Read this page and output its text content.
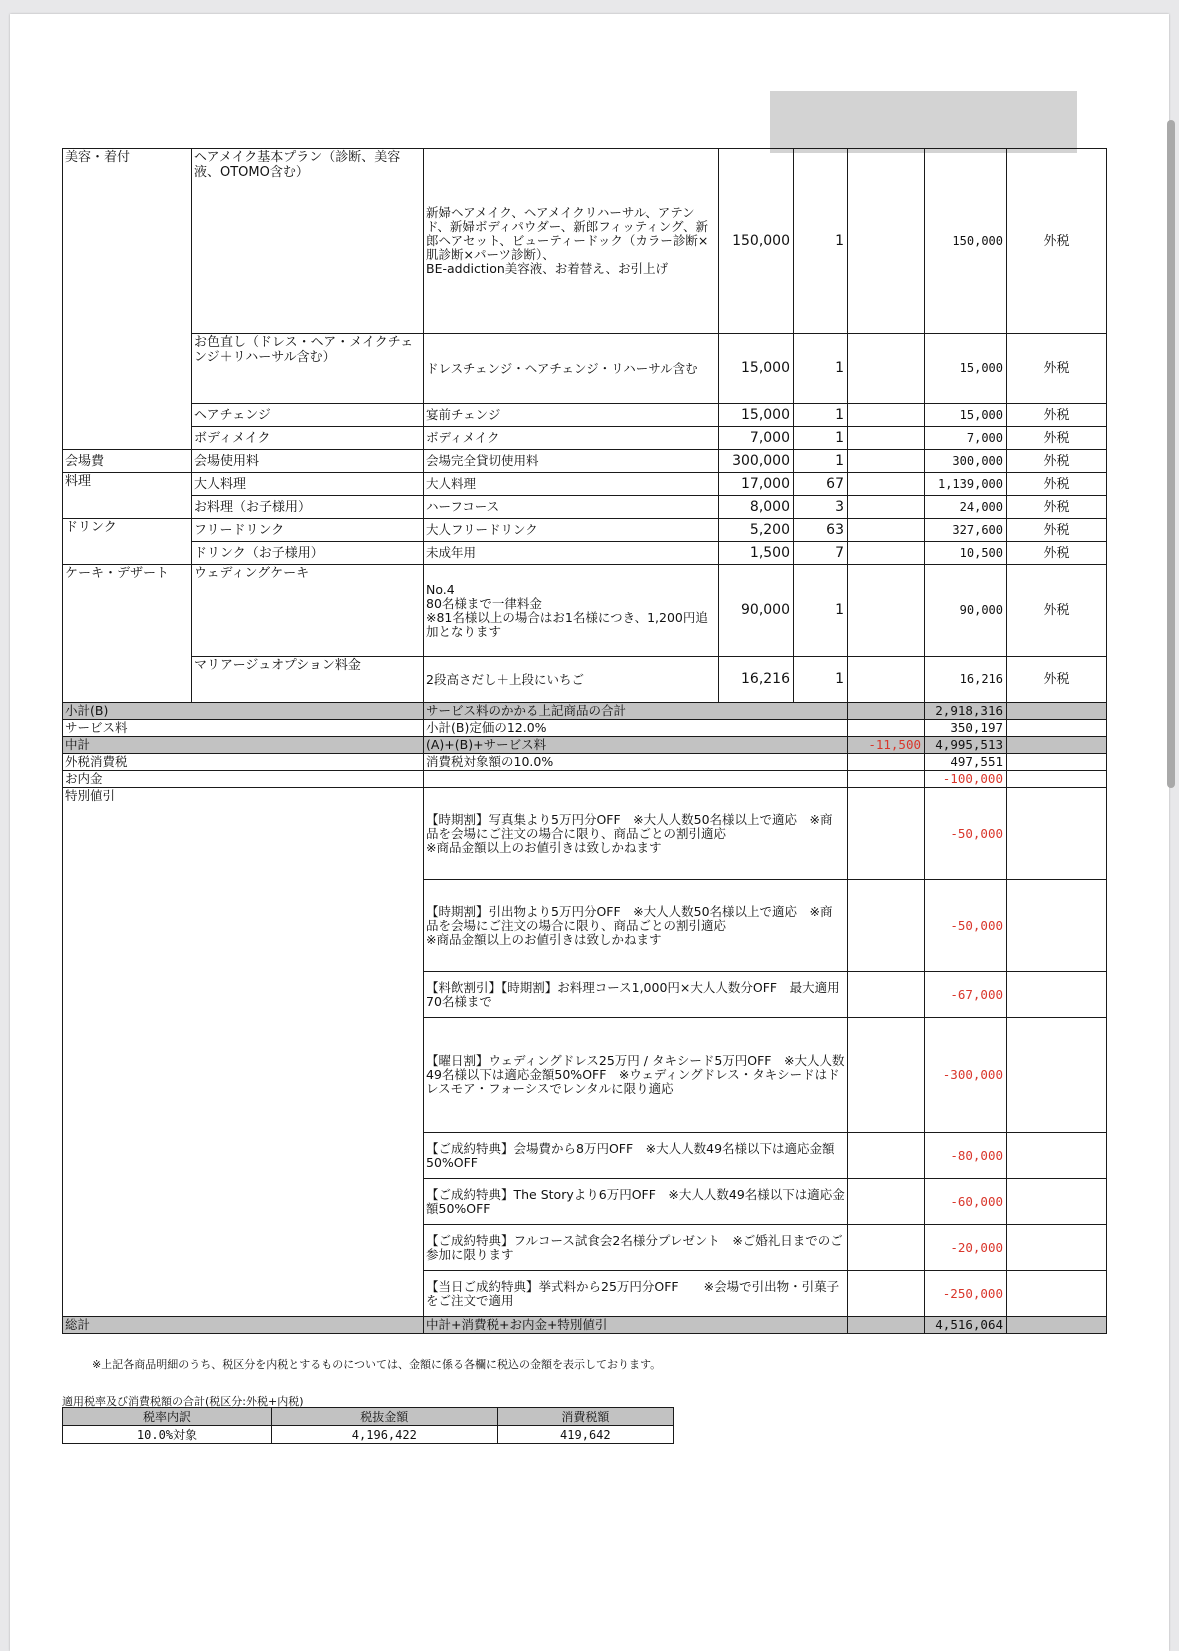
美容・着付	ヘアメイク基本プラン（診断、美容液、OTOMO含む）	新婦ヘアメイク、ヘアメイクリハーサル、アテンド、新婦ボディパウダー、新郎フィッティング、新郎ヘアセット、ビューティードック（カラー診断×肌診断×パーツ診断）、
BE-addiction美容液、お着替え、お引上げ	150,000	1		150,000	外税
	お色直し（ドレス・ヘア・メイクチェンジ＋リハーサル含む）	ドレスチェンジ・ヘアチェンジ・リハーサル含む	15,000	1		15,000	外税
	ヘアチェンジ	宴前チェンジ	15,000	1		15,000	外税
	ボディメイク	ボディメイク	7,000	1		7,000	外税
会場費	会場使用料	会場完全貸切使用料	300,000	1		300,000	外税
料理	大人料理	大人料理	17,000	67		1,139,000	外税
	お料理（お子様用）	ハーフコース	8,000	3		24,000	外税
ドリンク	フリードリンク	大人フリードリンク	5,200	63		327,600	外税
	ドリンク（お子様用）	未成年用	1,500	7		10,500	外税
ケーキ・デザート	ウェディングケーキ	No.4
80名様まで一律料金
※81名様以上の場合はお1名様につき、1,200円追加となります	90,000	1		90,000	外税
	マリアージュオプション料金	2段高さだし＋上段にいちご	16,216	1		16,216	外税
小計(B)		サービス料のかかる上記商品の合計				2,918,316	
サービス料		小計(B)定価の12.0%				350,197	
中計		(A)+(B)+サービス料			-11,500	4,995,513	
外税消費税		消費税対象額の10.0%				497,551	
お内金						-100,000	
特別値引		【時期割】写真集より5万円分OFF　※大人人数50名様以上で適応　※商品を会場にご注文の場合に限り、商品ごとの割引適応
※商品金額以上のお値引きは致しかねます				-50,000	
		【時期割】引出物より5万円分OFF　※大人人数50名様以上で適応　※商品を会場にご注文の場合に限り、商品ごとの割引適応
※商品金額以上のお値引きは致しかねます				-50,000	
		【料飲割引】【時期割】お料理コース1,000円×大人人数分OFF　最大適用70名様まで				-67,000	
		【曜日割】ウェディングドレス25万円 / タキシード5万円OFF　※大人人数49名様以下は適応金額50%OFF　※ウェディングドレス・タキシードはドレスモア・フォーシスでレンタルに限り適応				-300,000	
		【ご成約特典】会場費から8万円OFF　※大人人数49名様以下は適応金額50%OFF				-80,000	
		【ご成約特典】The Storyより6万円OFF　※大人人数49名様以下は適応金額50%OFF				-60,000	
		【ご成約特典】フルコース試食会2名様分プレゼント　※ご婚礼日までのご参加に限ります				-20,000	
		【当日ご成約特典】挙式料から25万円分OFF　　※会場で引出物・引菓子をご注文で適用				-250,000	
総計		中計+消費税+お内金+特別値引				4,516,064	
※上記各商品明細のうち、税区分を内税とするものについては、金額に係る各欄に税込の金額を表示しております。
適用税率及び消費税額の合計(税区分:外税+内税)
税率内訳	税抜金額	消費税額
10.0%対象	4,196,422	419,642
